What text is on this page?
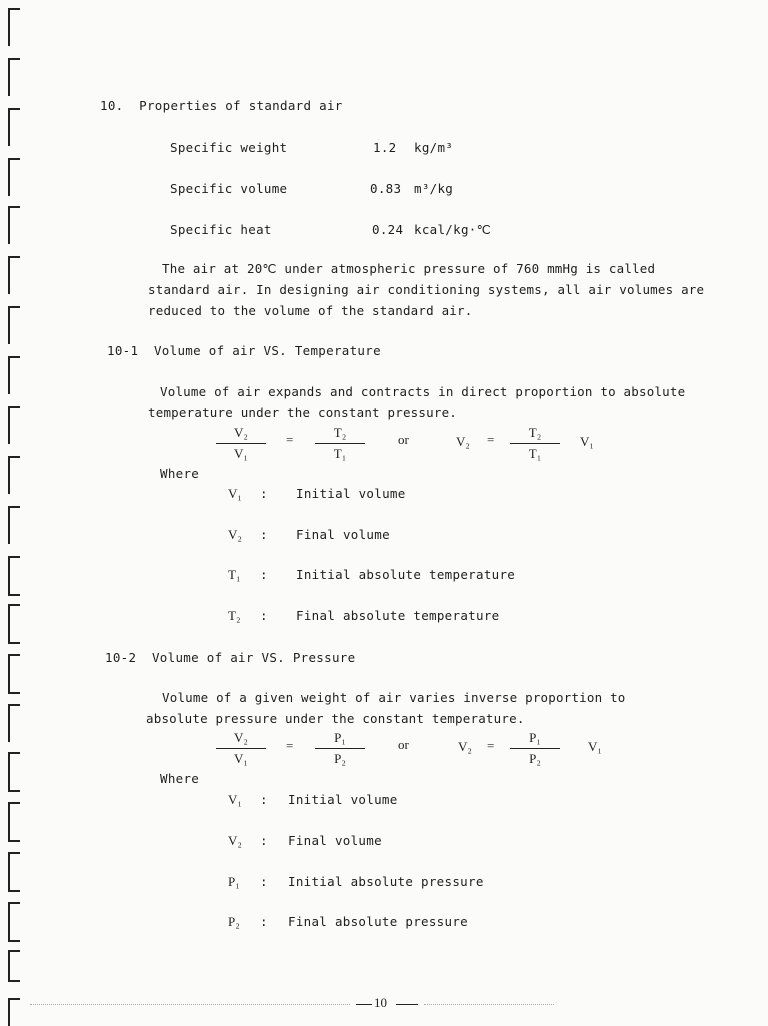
10. Properties of standard air
Specific weight	1.2 kg/m³
Specific volume	0.83 m³/kg
Specific heat	0.24 kcal/kg·℃
The air at 20℃ under atmospheric pressure of 760 mmHg is called
standard air. In designing air conditioning systems, all air volumes are
reduced to the volume of the standard air.
10-1 Volume of air VS. Temperature
Volume of air expands and contracts in direct proportion to absolute
temperature under the constant pressure.
V₂
V₁
=	T₂
T₁
or	V₂ =	T₂
T₁
V₁
Where
V₁ : Initial volume
V₂ : Final volume
T₁ : Initial absolute temperature
T₂ : Final absolute temperature
10-2 Volume of air VS. Pressure
Volume of a given weight of air varies inverse proportion to
absolute pressure under the constant temperature.
V₂
V₁
=
P₁
P₂
or	V₂ =
P₁
P₂
V₁
Where
V₁ : Initial volume
V₂ : Final volume
P₁ : Initial absolute pressure
P₂ : Final absolute pressure
10
